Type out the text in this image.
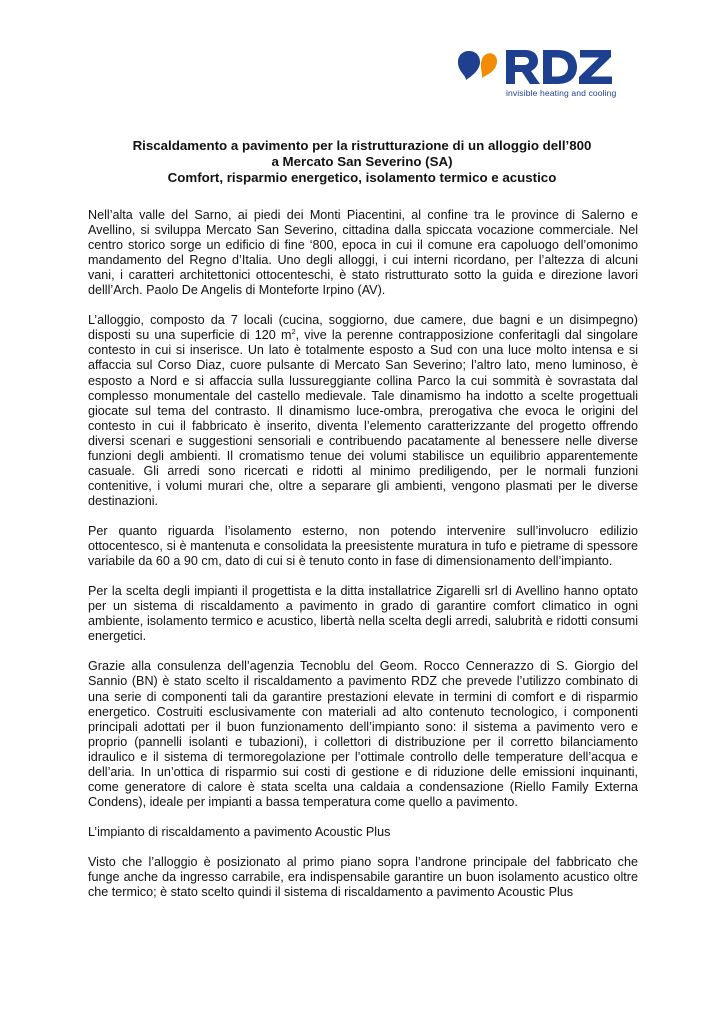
invisible heating and cooling
Riscaldamento a pavimento per la ristrutturazione di un alloggio dell’800
a Mercato San Severino (SA)
Comfort, risparmio energetico, isolamento termico e acustico

Nell’alta valle del Sarno, ai piedi dei Monti Piacentini, al confine tra le province di Salerno e Avellino, si sviluppa Mercato San Severino, cittadina dalla spiccata vocazione commerciale. Nel centro storico sorge un edificio di fine ‘800, epoca in cui il comune era capoluogo dell’omonimo mandamento del Regno d’Italia. Uno degli alloggi, i cui interni ricordano, per l’altezza di alcuni vani, i caratteri architettonici ottocenteschi, è stato ristrutturato sotto la guida e direzione lavori delll’Arch. Paolo De Angelis di Monteforte Irpino (AV).

L’alloggio, composto da 7 locali (cucina, soggiorno, due camere, due bagni e un disimpegno) disposti su una superficie di 120 $m^2$, vive la perenne contrapposizione conferitagli dal singolare contesto in cui si inserisce. Un lato è totalmente esposto a Sud con una luce molto intensa e si affaccia sul Corso Diaz, cuore pulsante di Mercato San Severino; l’altro lato, meno luminoso, è esposto a Nord e si affaccia sulla lussureggiante collina Parco la cui sommità è sovrastata dal complesso monumentale del castello medievale. Tale dinamismo ha indotto a scelte progettuali giocate sul tema del contrasto. Il dinamismo luce-ombra, prerogativa che evoca le origini del contesto in cui il fabbricato è inserito, diventa l’elemento caratterizzante del progetto offrendo diversi scenari e suggestioni sensoriali e contribuendo pacatamente al benessere nelle diverse funzioni degli ambienti. Il cromatismo tenue dei volumi stabilisce un equilibrio apparentemente casuale. Gli arredi sono ricercati e ridotti al minimo prediligendo, per le normali funzioni contenitive, i volumi murari che, oltre a separare gli ambienti, vengono plasmati per le diverse destinazioni.

Per quanto riguarda l’isolamento esterno, non potendo intervenire sull’involucro edilizio ottocentesco, si è mantenuta e consolidata la preesistente muratura in tufo e pietrame di spessore variabile da 60 a 90 cm, dato di cui si è tenuto conto in fase di dimensionamento dell’impianto.

Per la scelta degli impianti il progettista e la ditta installatrice Zigarelli srl di Avellino hanno optato per un sistema di riscaldamento a pavimento in grado di garantire comfort climatico in ogni ambiente, isolamento termico e acustico, libertà nella scelta degli arredi, salubrità e ridotti consumi energetici.

Grazie alla consulenza dell’agenzia Tecnoblu del Geom. Rocco Cennerazzo di S. Giorgio del Sannio (BN) è stato scelto il riscaldamento a pavimento RDZ che prevede l’utilizzo combinato di una serie di componenti tali da garantire prestazioni elevate in termini di comfort e di risparmio energetico. Costruiti esclusivamente con materiali ad alto contenuto tecnologico, i componenti principali adottati per il buon funzionamento dell’impianto sono: il sistema a pavimento vero e proprio (pannelli isolanti e tubazioni), i collettori di distribuzione per il corretto bilanciamento idraulico e il sistema di termoregolazione per l’ottimale controllo delle temperature dell’acqua e dell’aria. In un’ottica di risparmio sui costi di gestione e di riduzione delle emissioni inquinanti, come generatore di calore è stata scelta una caldaia a condensazione (Riello Family Externa Condens), ideale per impianti a bassa temperatura come quello a pavimento.

L’impianto di riscaldamento a pavimento Acoustic Plus

Visto che l’alloggio è posizionato al primo piano sopra l’androne principale del fabbricato che funge anche da ingresso carrabile, era indispensabile garantire un buon isolamento acustico oltre che termico; è stato scelto quindi il sistema di riscaldamento a pavimento Acoustic Plus
